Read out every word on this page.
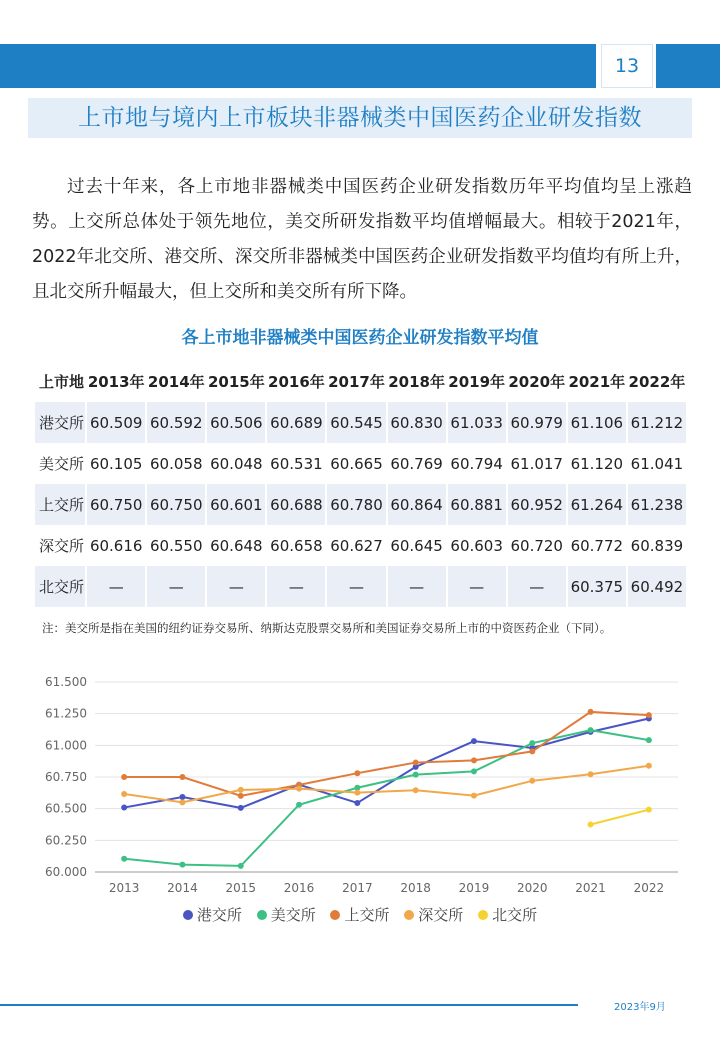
13
上市地与境内上市板块非器械类中国医药企业研发指数
过去十年来，各上市地非器械类中国医药企业研发指数历年平均值均呈上涨趋势。上交所总体处于领先地位，美交所研发指数平均值增幅最大。相较于2021年，2022年北交所、港交所、深交所非器械类中国医药企业研发指数平均值均有所上升，且北交所升幅最大，但上交所和美交所有所下降。
各上市地非器械类中国医药企业研发指数平均值
上市地	2013年	2014年	2015年	2016年	2017年	2018年	2019年	2020年	2021年	2022年
港交所	60.509	60.592	60.506	60.689	60.545	60.830	61.033	60.979	61.106	61.212
美交所	60.105	60.058	60.048	60.531	60.665	60.769	60.794	61.017	61.120	61.041
上交所	60.750	60.750	60.601	60.688	60.780	60.864	60.881	60.952	61.264	61.238
深交所	60.616	60.550	60.648	60.658	60.627	60.645	60.603	60.720	60.772	60.839
北交所	—	—	—	—	—	—	—	—	60.375	60.492
注：美交所是指在美国的纽约证券交易所、纳斯达克股票交易所和美国证券交易所上市的中资医药企业（下同）。
60.000
60.250
60.500
60.750
61.000
61.250
61.500
2013 2014 2015 2016 2017 2018 2019 2020 2021 2022
港交所 美交所 上交所 深交所 北交所
2023年9月
